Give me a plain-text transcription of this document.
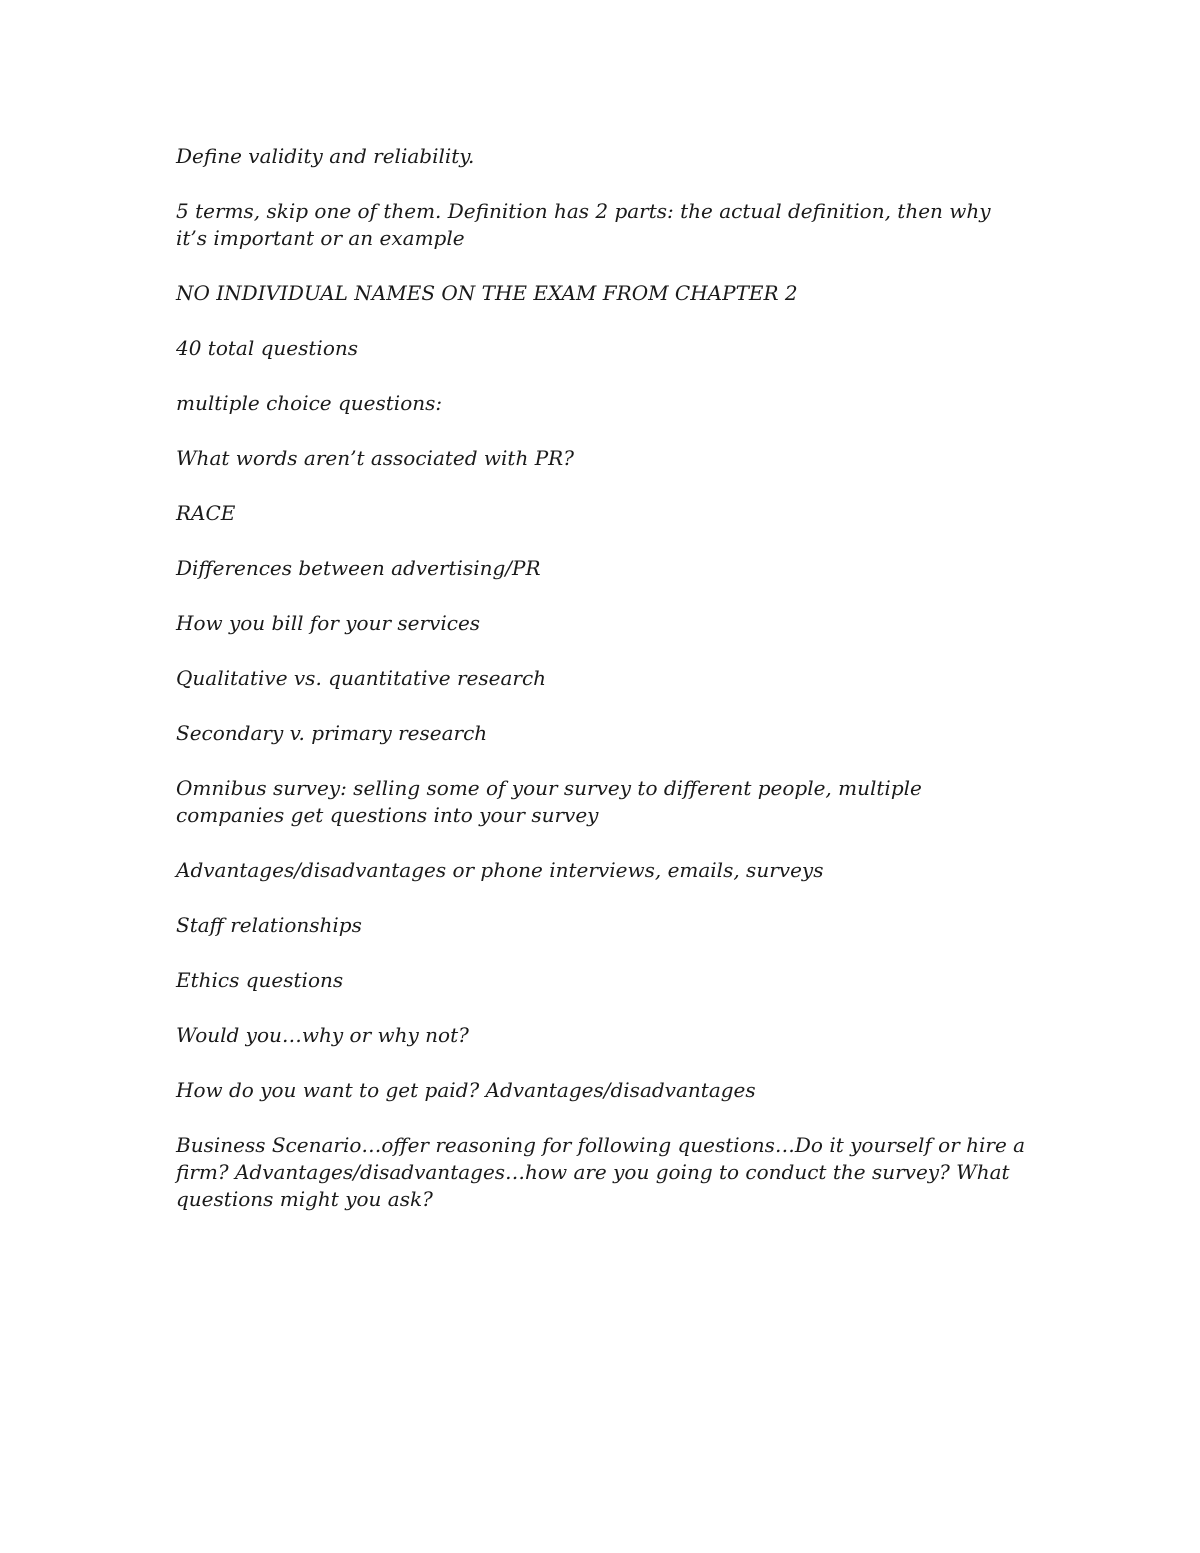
Define validity and reliability.

5 terms, skip one of them. Definition has 2 parts: the actual definition, then why it’s important or an example

NO INDIVIDUAL NAMES ON THE EXAM FROM CHAPTER 2

40 total questions

multiple choice questions:

What words aren’t associated with PR?

RACE

Differences between advertising/PR

How you bill for your services

Qualitative vs. quantitative research

Secondary v. primary research

Omnibus survey: selling some of your survey to different people, multiple companies get questions into your survey

Advantages/disadvantages or phone interviews, emails, surveys

Staff relationships

Ethics questions

Would you…why or why not?

How do you want to get paid? Advantages/disadvantages

Business Scenario…offer reasoning for following questions…Do it yourself or hire a firm? Advantages/disadvantages…how are you going to conduct the survey? What questions might you ask?
